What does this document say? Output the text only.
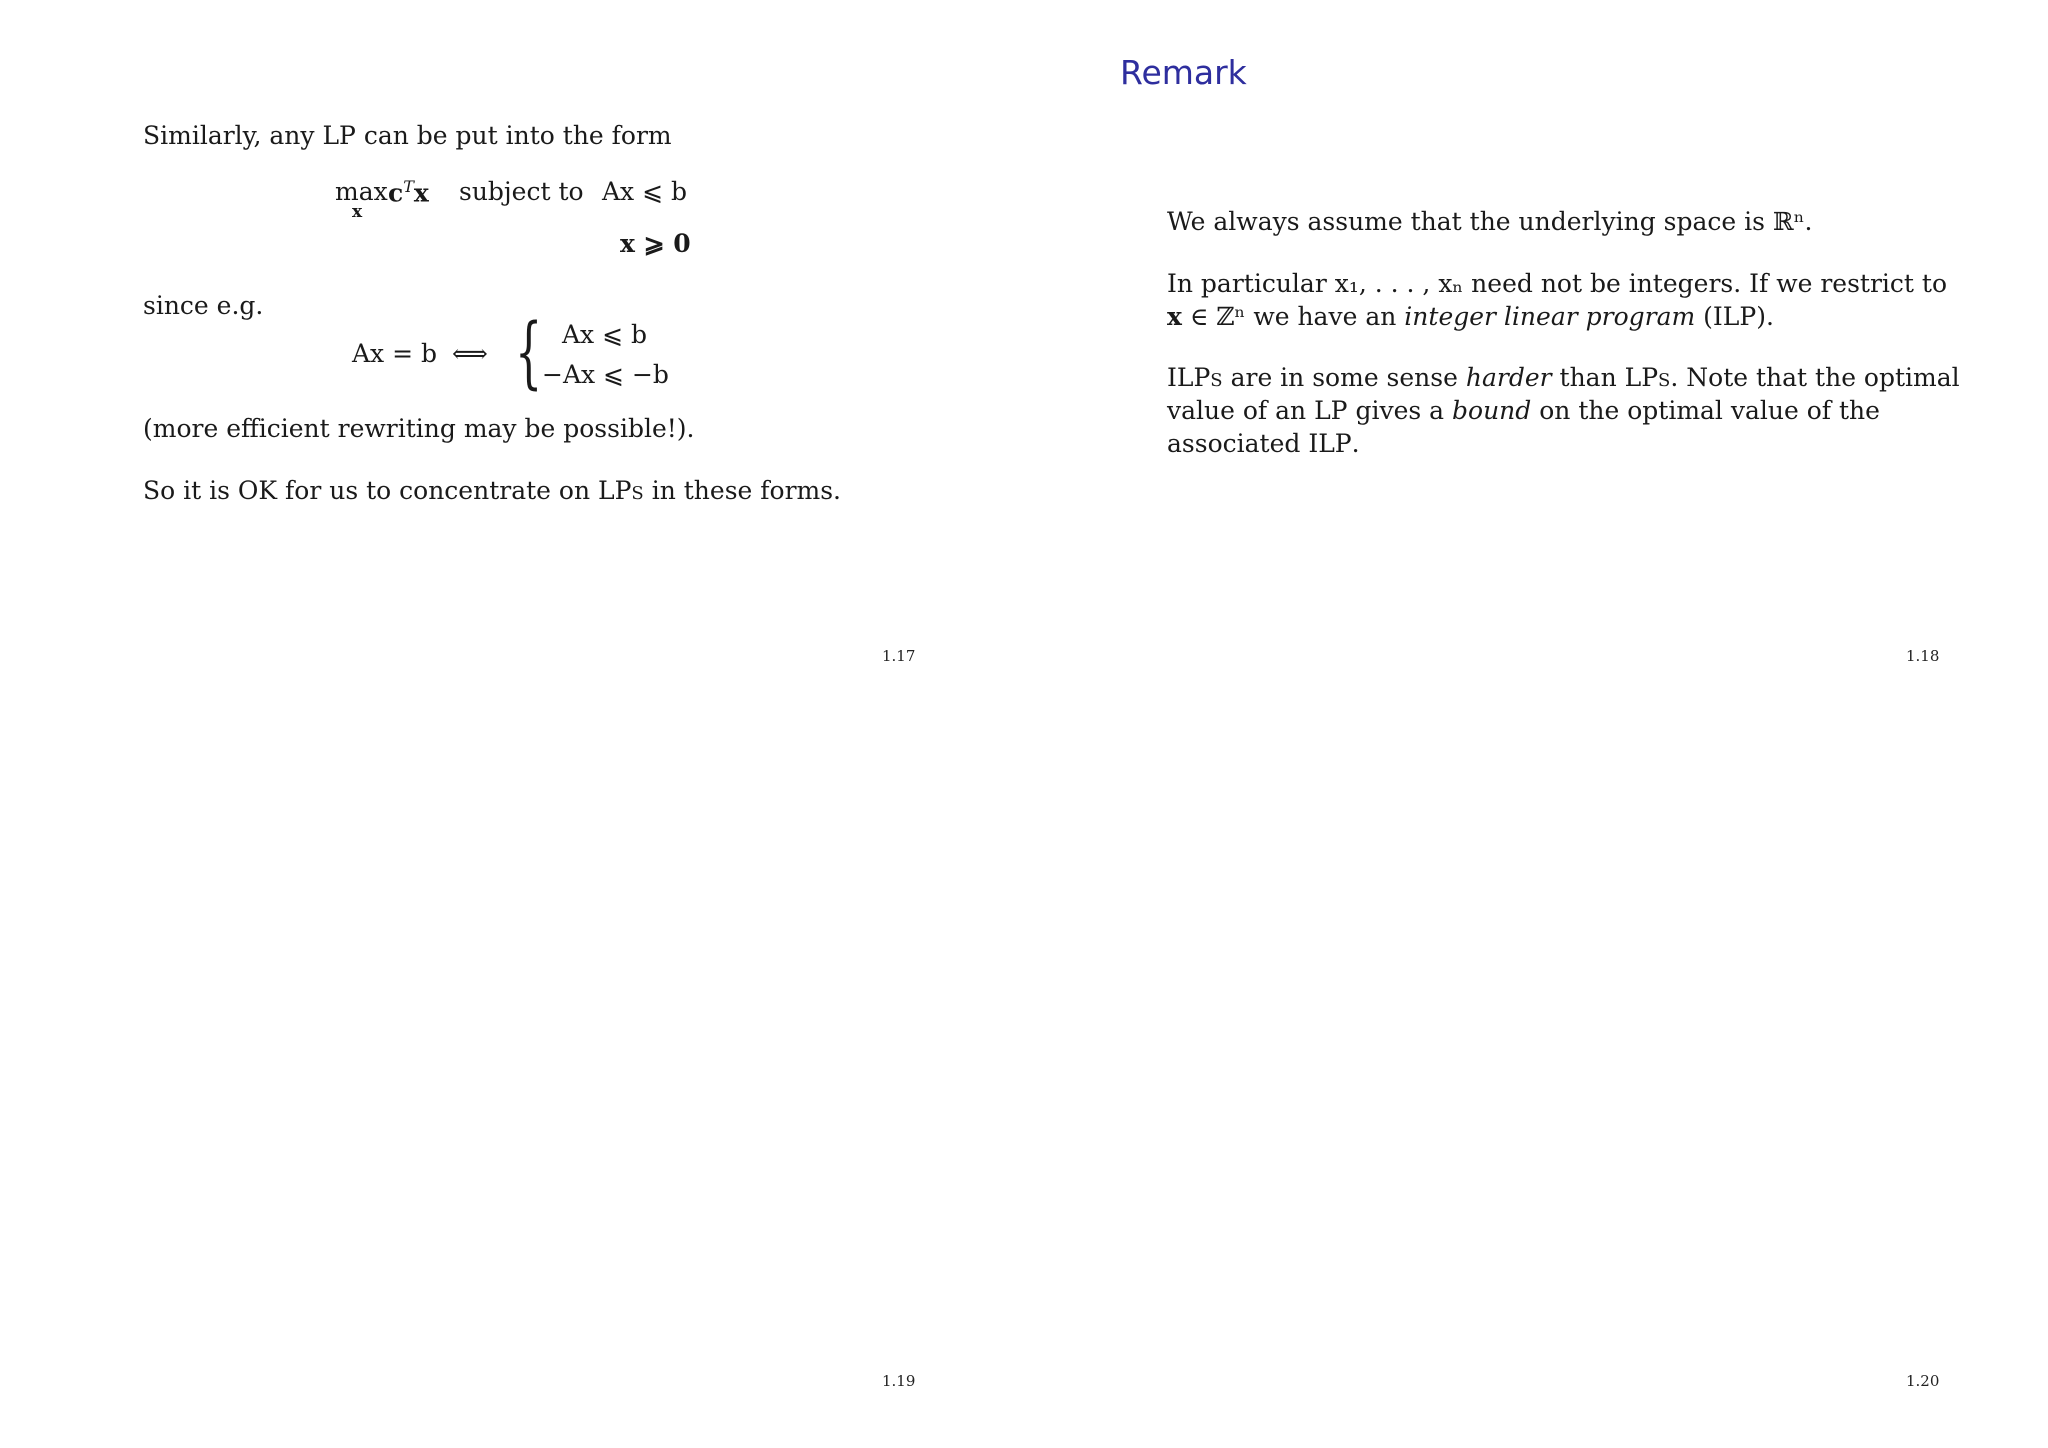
Similarly, any LP can be put into the form
max
x
$c^Tx$ subject to Ax ⩽ b
x ⩾ 0
since e.g.
Ax = b ⟺ { Ax ⩽ b
−Ax ⩽ −b
(more efficient rewriting may be possible!).
So it is OK for us to concentrate on LPs in these forms.
1.17
Remark
We always assume that the underlying space is ℝⁿ.
In particular x₁, . . . , xₙ need not be integers. If we restrict to
x ∈ ℤⁿ we have an integer linear program (ILP).
ILPs are in some sense harder than LPs. Note that the optimal
value of an LP gives a bound on the optimal value of the
associated ILP.
1.18
1.19	1.20
